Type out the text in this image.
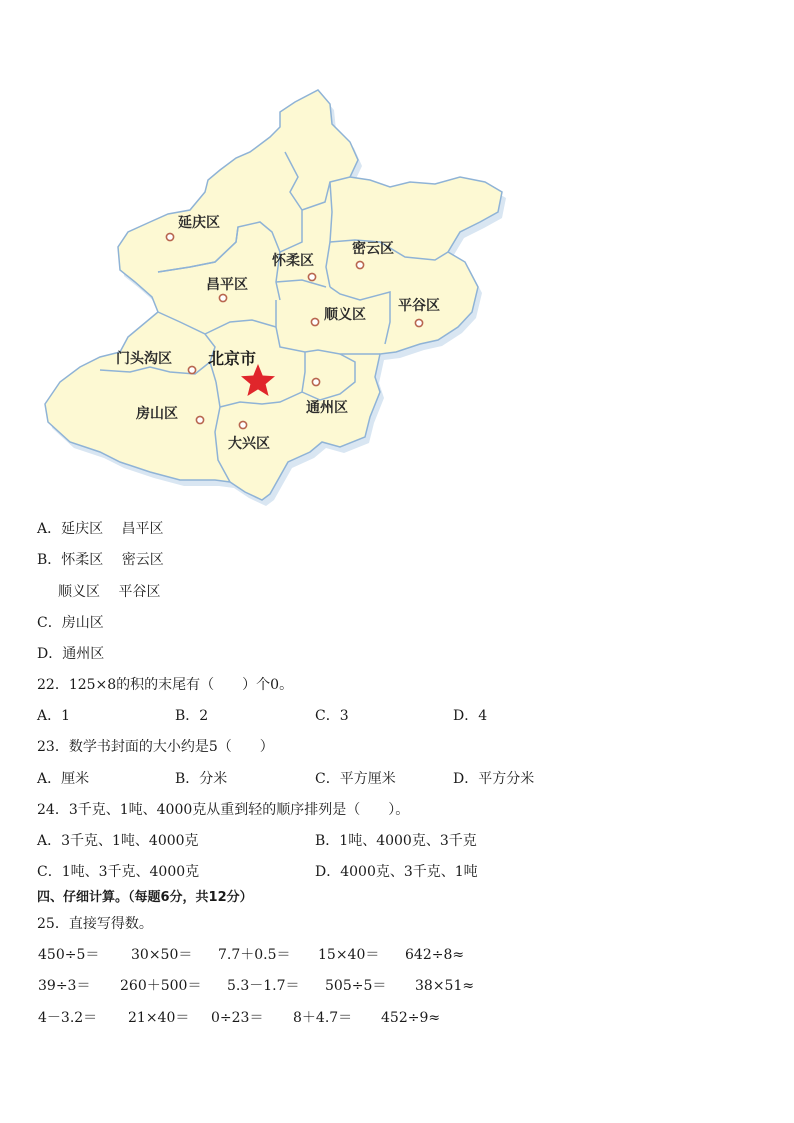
延庆区
怀柔区
密云区
昌平区
顺义区
平谷区
门头沟区 北京市
房山区	通州区
大兴区
A．延庆区　 昌平区
B．怀柔区　 密云区
顺义区　 平谷区
C．房山区
D．通州区
22．125×8的积的末尾有（　　）个0。
A．1	B．2	C．3	D．4
23．数学书封面的大小约是5（　　）
A．厘米	B．分米	C．平方厘米	D．平方分米
24．3千克、1吨、4000克从重到轻的顺序排列是（　　）。
A．3千克、1吨、4000克	B．1吨、4000克、3千克
C．1吨、3千克、4000克	D．4000克、3千克、1吨
四、仔细计算。（每题6分，共12分）
25．直接写得数。
450÷5＝ 30×50＝ 7.7＋0.5＝ 15×40＝ 642÷8≈
39÷3＝ 260＋500＝ 5.3－1.7＝ 505÷5＝ 38×51≈
4－3.2＝ 21×40＝ 0÷23＝ 8＋4.7＝ 452÷9≈
